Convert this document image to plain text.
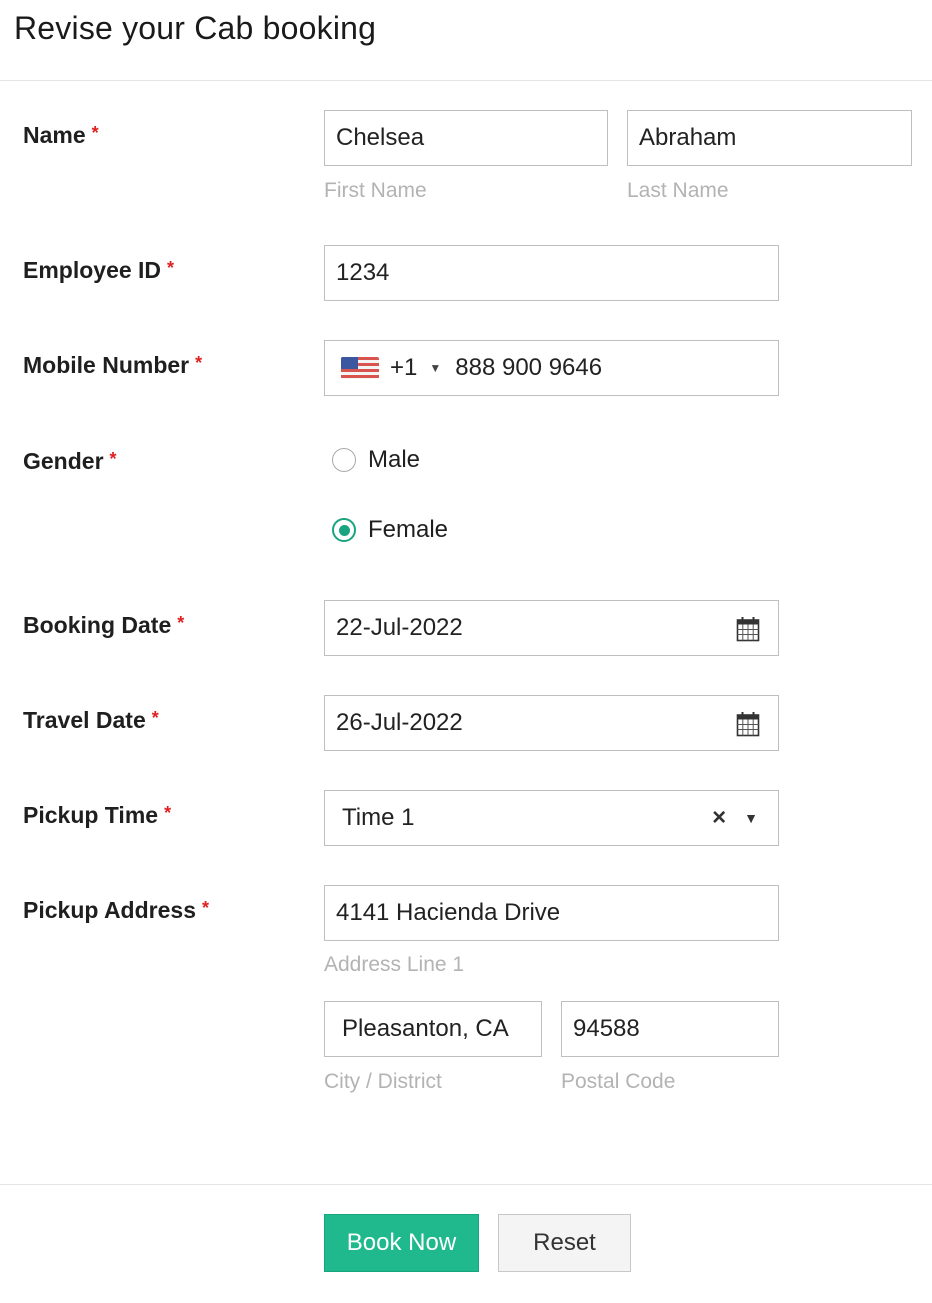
Revise your Cab booking
Name *	Chelsea	Abraham
First Name	Last Name
Employee ID *	1234
Mobile Number *	+1 ▼ 888 900 9646
Gender *	Male
Female
Booking Date *	22-Jul-2022
Travel Date *	26-Jul-2022
Pickup Time *	Time 1	× ▼
Pickup Address *	4141 Hacienda Drive
Address Line 1
Pleasanton, CA	94588
City / District	Postal Code
Book Now	Reset
